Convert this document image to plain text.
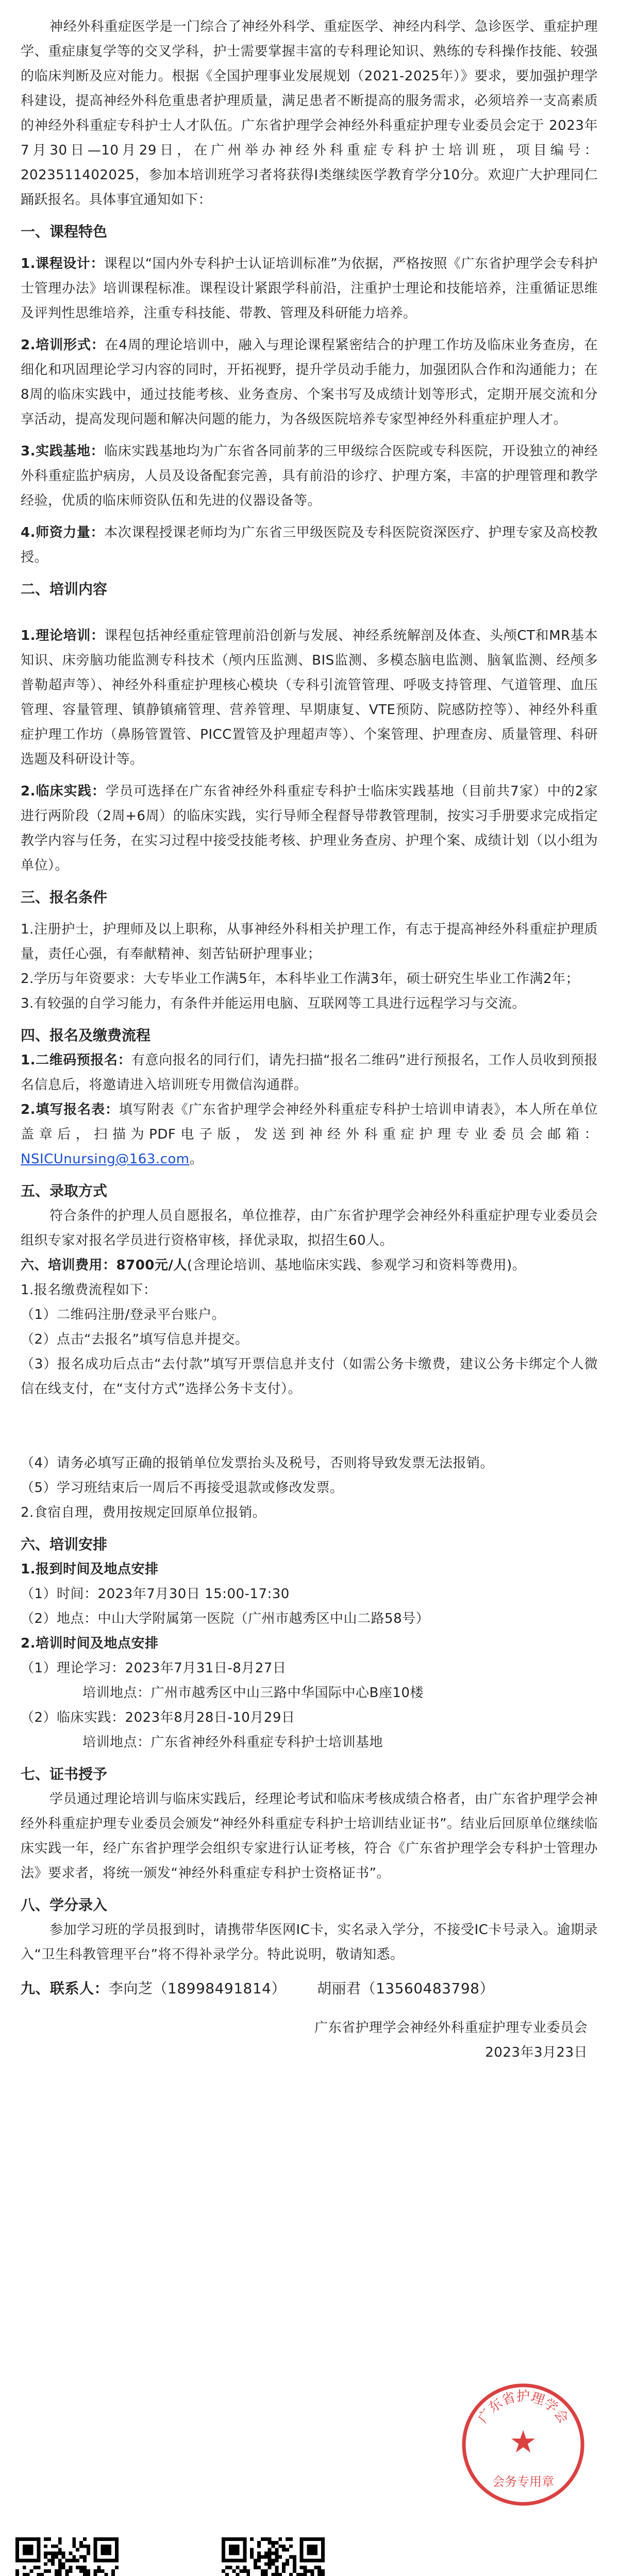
神经外科重症医学是一门综合了神经外科学、重症医学、神经内科学、急诊医学、重症护理学、重症康复学等的交叉学科，护士需要掌握丰富的专科理论知识、熟练的专科操作技能、较强的临床判断及应对能力。根据《全国护理事业发展规划（2021-2025年）》要求，要加强护理学科建设，提高神经外科危重患者护理质量，满足患者不断提高的服务需求，必须培养一支高素质的神经外科重症专科护士人才队伍。广东省护理学会神经外科重症护理专业委员会定于 2023年7月30日—10月29日，在广州举办神经外科重症专科护士培训班，项目编号：2023511402025，参加本培训班学习者将获得Ⅰ类继续医学教育学分10分。欢迎广大护理同仁踊跃报名。具体事宜通知如下：

一、课程特色

1.课程设计：课程以“国内外专科护士认证培训标准”为依据，严格按照《广东省护理学会专科护士管理办法》培训课程标准。课程设计紧跟学科前沿，注重护士理论和技能培养，注重循证思维及评判性思维培养，注重专科技能、带教、管理及科研能力培养。

2.培训形式：在4周的理论培训中，融入与理论课程紧密结合的护理工作坊及临床业务查房，在细化和巩固理论学习内容的同时，开拓视野，提升学员动手能力，加强团队合作和沟通能力；在8周的临床实践中，通过技能考核、业务查房、个案书写及成绩计划等形式，定期开展交流和分享活动，提高发现问题和解决问题的能力，为各级医院培养专家型神经外科重症护理人才。

3.实践基地：临床实践基地均为广东省各同前茅的三甲级综合医院或专科医院，开设独立的神经外科重症监护病房，人员及设备配套完善，具有前沿的诊疗、护理方案，丰富的护理管理和教学经验，优质的临床师资队伍和先进的仪器设备等。

4.师资力量：本次课程授课老师均为广东省三甲级医院及专科医院资深医疗、护理专家及高校教授。

二、培训内容

1.理论培训：课程包括神经重症管理前沿创新与发展、神经系统解剖及体查、头颅CT和MR基本知识、床旁脑功能监测专科技术（颅内压监测、BIS监测、多模态脑电监测、脑氧监测、经颅多普勒超声等）、神经外科重症护理核心模块（专科引流管管理、呼吸支持管理、气道管理、血压管理、容量管理、镇静镇痛管理、营养管理、早期康复、VTE预防、院感防控等）、神经外科重症护理工作坊（鼻肠管置管、PICC置管及护理超声等）、个案管理、护理查房、质量管理、科研选题及科研设计等。

2.临床实践：学员可选择在广东省神经外科重症专科护士临床实践基地（目前共7家）中的2家进行两阶段（2周+6周）的临床实践，实行导师全程督导带教管理制，按实习手册要求完成指定教学内容与任务，在实习过程中接受技能考核、护理业务查房、护理个案、成绩计划（以小组为单位）。

三、报名条件

1.注册护士，护理师及以上职称，从事神经外科相关护理工作，有志于提高神经外科重症护理质量，责任心强，有奉献精神、刻苦钻研护理事业；

2.学历与年资要求：大专毕业工作满5年，本科毕业工作满3年，硕士研究生毕业工作满2年；

3.有较强的自学习能力，有条件并能运用电脑、互联网等工具进行远程学习与交流。

四、报名及缴费流程

1.二维码预报名：有意向报名的同行们，请先扫描“报名二维码”进行预报名，工作人员收到预报名信息后，将邀请进入培训班专用微信沟通群。

2.填写报名表：填写附表《广东省护理学会神经外科重症专科护士培训申请表》，本人所在单位盖章后，扫描为PDF电子版，发送到神经外科重症护理专业委员会邮箱：NSICUnursing@163.com。

五、录取方式

符合条件的护理人员自愿报名，单位推荐，由广东省护理学会神经外科重症护理专业委员会组织专家对报名学员进行资格审核，择优录取，拟招生60人。

六、培训费用：8700元/人(含理论培训、基地临床实践、参观学习和资料等费用)。

1.报名缴费流程如下：

（1）二维码注册/登录平台账户。

（2）点击“去报名”填写信息并提交。

（3）报名成功后点击“去付款”填写开票信息并支付（如需公务卡缴费，建议公务卡绑定个人微信在线支付，在“支付方式”选择公务卡支付）。

（4）请务必填写正确的报销单位发票抬头及税号，否则将导致发票无法报销。

（5）学习班结束后一周后不再接受退款或修改发票。

2.食宿自理，费用按规定回原单位报销。

六、培训安排

1.报到时间及地点安排

（1）时间：2023年7月30日 15:00-17:30

（2）地点：中山大学附属第一医院（广州市越秀区中山二路58号）

2.培训时间及地点安排

（1）理论学习：2023年7月31日-8月27日

培训地点：广州市越秀区中山三路中华国际中心B座10楼

（2）临床实践：2023年8月28日-10月29日

培训地点：广东省神经外科重症专科护士培训基地

七、证书授予

学员通过理论培训与临床实践后，经理论考试和临床考核成绩合格者，由广东省护理学会神经外科重症护理专业委员会颁发“神经外科重症专科护士培训结业证书”。结业后回原单位继续临床实践一年，经广东省护理学会组织专家进行认证考核，符合《广东省护理学会专科护士管理办法》要求者，将统一颁发“神经外科重症专科护士资格证书”。

八、学分录入

参加学习班的学员报到时，请携带华医网IC卡，实名录入学分，不接受IC卡号录入。逾期录入“卫生科教管理平台”将不得补录学分。特此说明，敬请知悉。

九、联系人：李向芝（18998491814） 胡丽君（13560483798）

广东省护理学会神经外科重症护理专业委员会

2023年3月23日

★
广东省护理学会
会务专用章
